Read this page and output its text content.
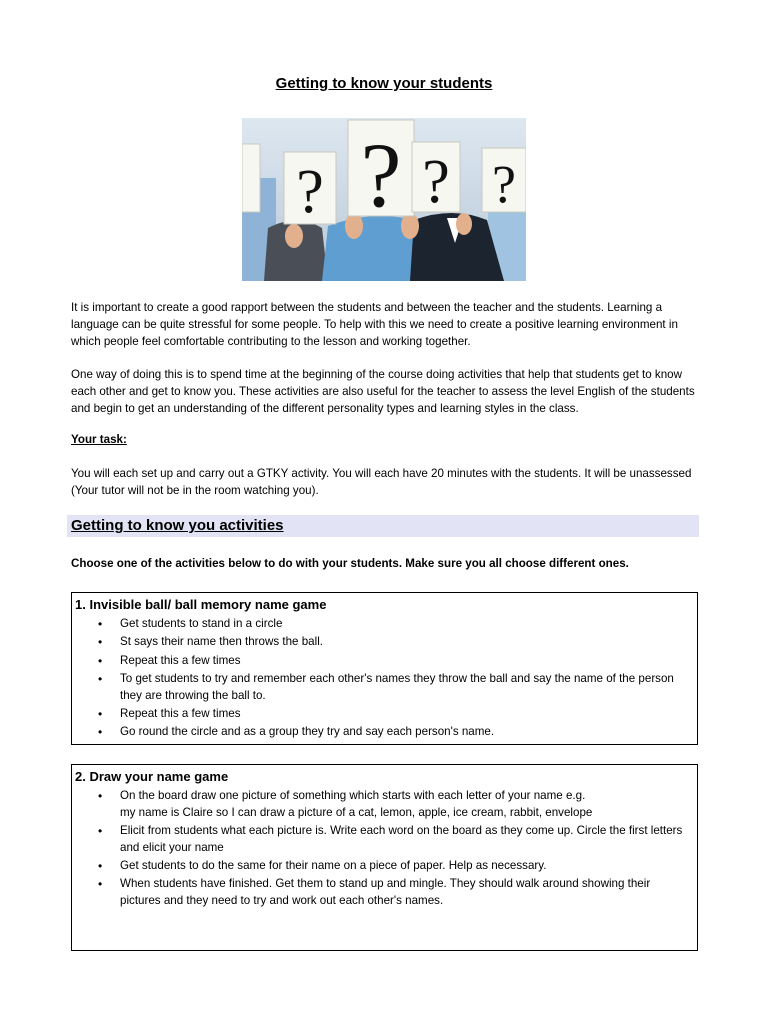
Getting to know your students
? ? ? ?

It is important to create a good rapport between the students and between the teacher and the students. Learning a language can be quite stressful for some people. To help with this we need to create a positive learning environment in which people feel comfortable contributing to the lesson and working together.

One way of doing this is to spend time at the beginning of the course doing activities that help that students get to know each other and get to know you. These activities are also useful for the teacher to assess the level English of the students and begin to get an understanding of the different personality types and learning styles in the class.

Your task:

You will each set up and carry out a GTKY activity. You will each have 20 minutes with the students. It will be unassessed (Your tutor will not be in the room watching you).

Getting to know you activities

Choose one of the activities below to do with your students. Make sure you all choose different ones.

1. Invisible ball/ ball memory name game

• Get students to stand in a circle
• St says their name then throws the ball.
• Repeat this a few times
• To get students to try and remember each other's names they throw the ball and say the name of the person they are throwing the ball to.
• Repeat this a few times
• Go round the circle and as a group they try and say each person's name.

2. Draw your name game

• On the board draw one picture of something which starts with each letter of your name e.g.
my name is Claire so I can draw a picture of a cat, lemon, apple, ice cream, rabbit, envelope
• Elicit from students what each picture is. Write each word on the board as they come up. Circle the first letters and elicit your name
• Get students to do the same for their name on a piece of paper. Help as necessary.
• When students have finished. Get them to stand up and mingle. They should walk around showing their pictures and they need to try and work out each other's names.
